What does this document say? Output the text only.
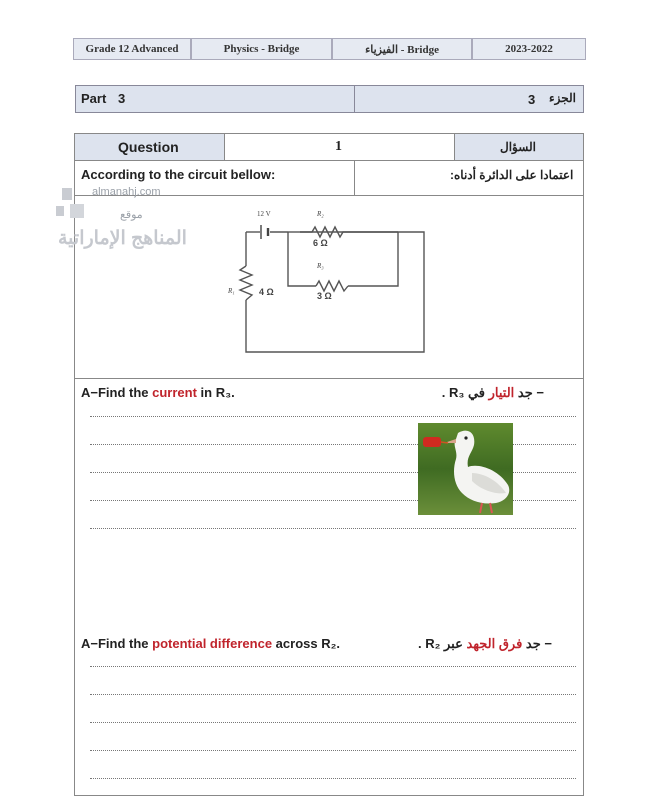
Grade 12 Advanced	Physics - Bridge	Bridge - الفيزياء	2023-2022
Part 3	3 الجزء
Question	1	السؤال
According to the circuit bellow:	اعتمادا على الدائرة أدناه:
almanahj.com
موقع
المناهج الإماراتية
12 V	R₂
6 Ω
R₃
3 Ω
R₁	4 Ω
A−Find the current in R₃.	− جد التيار في R₃ .
A−Find the potential difference across R₂.	− جد فرق الجهد عبر R₂ .
